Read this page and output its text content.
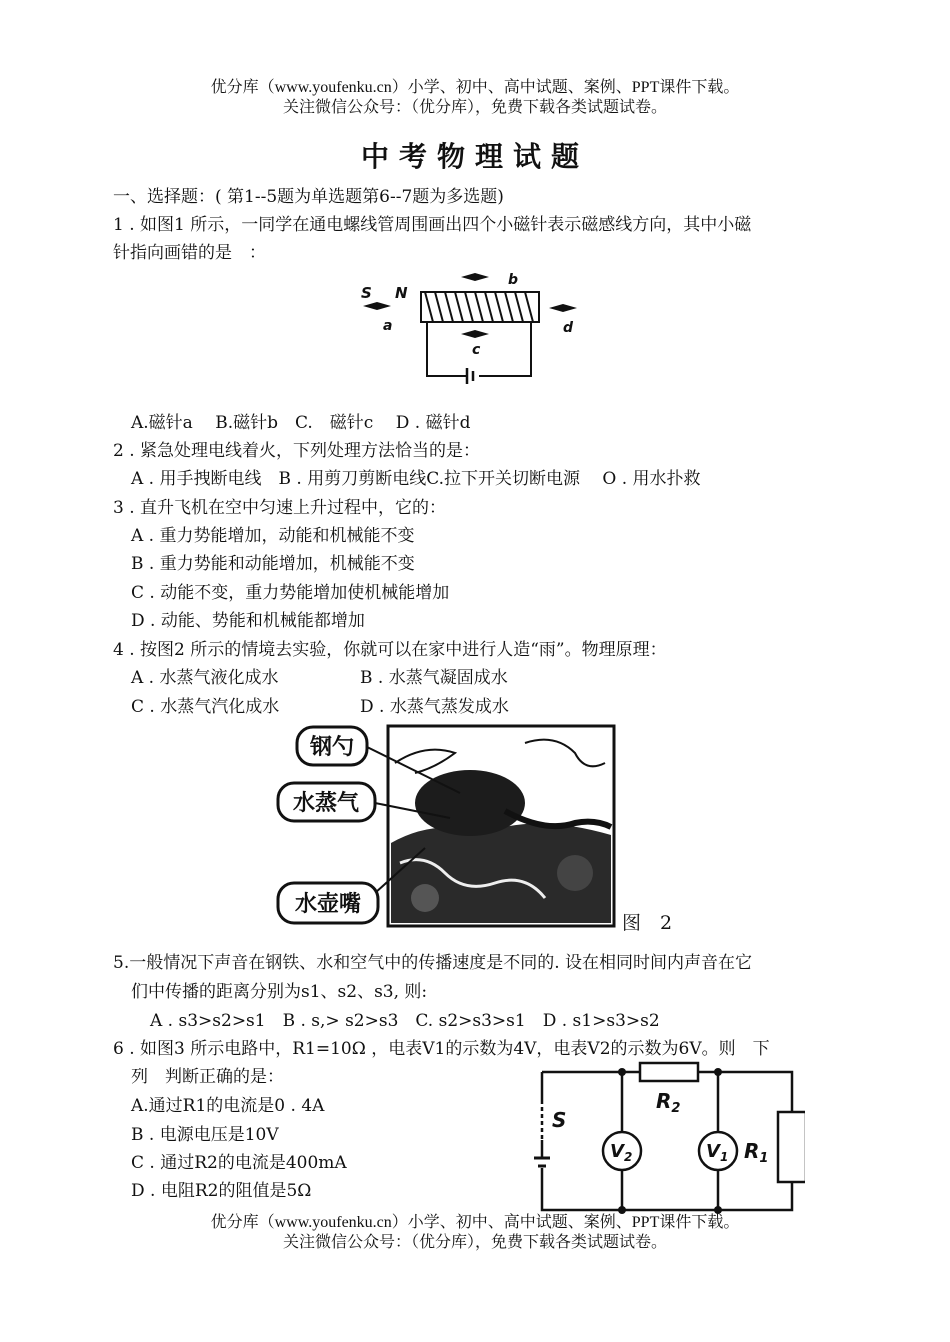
优分库（www.youfenku.cn）小学、初中、高中试题、案例、PPT课件下载。
关注微信公众号：（优分库），免费下载各类试题试卷。
中考物理试题
一、选择题：( 第1--5题为单选题第6--7题为多选题)
1 . 如图1 所示，一同学在通电螺线管周围画出四个小磁针表示磁感线方向，其中小磁
针指向画错的是　：
S N
a
b
c
d
A.磁针a　 B.磁针b　C.　磁针c　 D . 磁针d
2 . 紧急处理电线着火，下列处理方法恰当的是：
A . 用手拽断电线　B . 用剪刀剪断电线C.拉下开关切断电源　 O . 用水扑救
3 . 直升飞机在空中匀速上升过程中，它的：
A . 重力势能增加，动能和机械能不变
B . 重力势能和动能增加，机械能不变
C . 动能不变，重力势能增加使机械能增加
D . 动能、势能和机械能都增加
4 . 按图2 所示的情境去实验，你就可以在家中进行人造“雨”。物理原理：
A . 水蒸气液化成水	B . 水蒸气凝固成水
C . 水蒸气汽化成水	D . 水蒸气蒸发成水
钢勺
水蒸气
水壶嘴
图　2
5.一般情况下声音在钢铁、水和空气中的传播速度是不同的. 设在相同时间内声音在它
们中传播的距离分别为s1、s2、s3, 则:
A . s3>s2>s1　B . s,> s2>s3　C. s2>s3>s1　D . s1>s3>s2
6 . 如图3 所示电路中，R1=10Ω ，电表V1的示数为4V，电表V2的示数为6V。则　下
列　判断正确的是：
A.通过R1的电流是0 . 4A
B . 电源电压是10V
C . 通过R2的电流是400mA
D . 电阻R2的阻值是5Ω
S
$R_2$
$R_1$
$V_2$	$V_1$
优分库（www.youfenku.cn）小学、初中、高中试题、案例、PPT课件下载。
关注微信公众号：（优分库），免费下载各类试题试卷。
